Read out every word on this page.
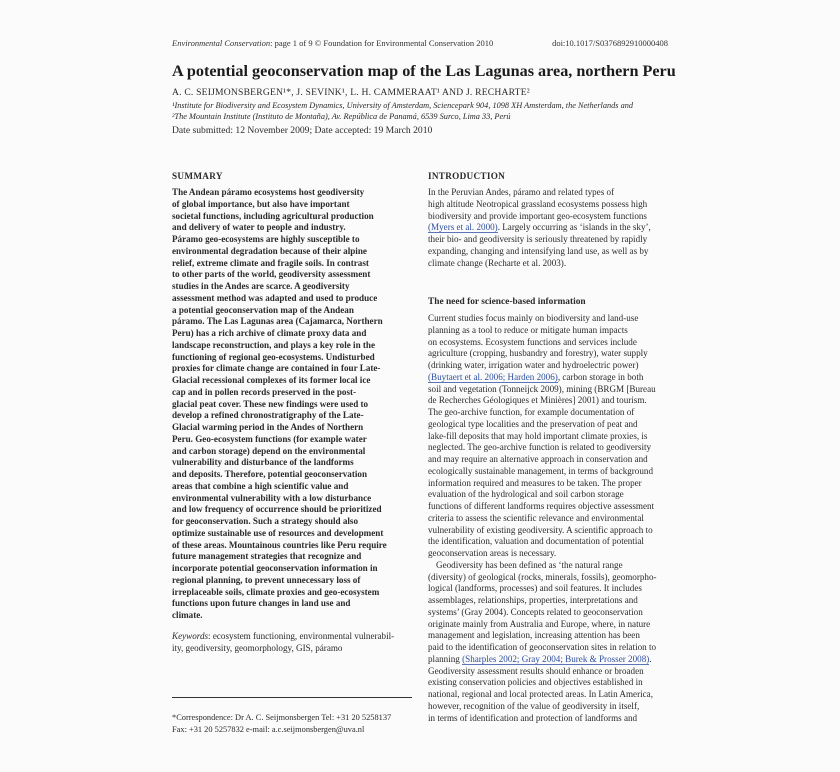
Environmental Conservation: page 1 of 9 © Foundation for Environmental Conservation 2010	doi:10.1017/S0376892910000408
A potential geoconservation map of the Las Lagunas area, northern Peru
A. C. SEIJMONSBERGEN¹*, J. SEVINK¹, L. H. CAMMERAAT¹ AND J. RECHARTE²
¹Institute for Biodiversity and Ecosystem Dynamics, University of Amsterdam, Sciencepark 904, 1098 XH Amsterdam, the Netherlands and
²The Mountain Institute (Instituto de Montaña), Av. República de Panamá, 6539 Surco, Lima 33, Perú
Date submitted: 12 November 2009; Date accepted: 19 March 2010
SUMMARY
The Andean páramo ecosystems host geodiversity
of global importance, but also have important
societal functions, including agricultural production
and delivery of water to people and industry.
Páramo geo-ecosystems are highly susceptible to
environmental degradation because of their alpine
relief, extreme climate and fragile soils. In contrast
to other parts of the world, geodiversity assessment
studies in the Andes are scarce. A geodiversity
assessment method was adapted and used to produce
a potential geoconservation map of the Andean
páramo. The Las Lagunas area (Cajamarca, Northern
Peru) has a rich archive of climate proxy data and
landscape reconstruction, and plays a key role in the
functioning of regional geo-ecosystems. Undisturbed
proxies for climate change are contained in four Late-
Glacial recessional complexes of its former local ice
cap and in pollen records preserved in the post-
glacial peat cover. These new findings were used to
develop a refined chronostratigraphy of the Late-
Glacial warming period in the Andes of Northern
Peru. Geo-ecosystem functions (for example water
and carbon storage) depend on the environmental
vulnerability and disturbance of the landforms
and deposits. Therefore, potential geoconservation
areas that combine a high scientific value and
environmental vulnerability with a low disturbance
and low frequency of occurrence should be prioritized
for geoconservation. Such a strategy should also
optimize sustainable use of resources and development
of these areas. Mountainous countries like Peru require
future management strategies that recognize and
incorporate potential geoconservation information in
regional planning, to prevent unnecessary loss of
irreplaceable soils, climate proxies and geo-ecosystem
functions upon future changes in land use and
climate.
Keywords: ecosystem functioning, environmental vulnerabil-
ity, geodiversity, geomorphology, GIS, páramo
*Correspondence: Dr A. C. Seijmonsbergen Tel: +31 20 5258137
Fax: +31 20 5257832 e-mail: a.c.seijmonsbergen@uva.nl
INTRODUCTION
In the Peruvian Andes, páramo and related types of
high altitude Neotropical grassland ecosystems possess high
biodiversity and provide important geo-ecosystem functions
(Myers et al. 2000). Largely occurring as ‘islands in the sky’,
their bio- and geodiversity is seriously threatened by rapidly
expanding, changing and intensifying land use, as well as by
climate change (Recharte et al. 2003).
The need for science-based information
Current studies focus mainly on biodiversity and land-use
planning as a tool to reduce or mitigate human impacts
on ecosystems. Ecosystem functions and services include
agriculture (cropping, husbandry and forestry), water supply
(drinking water, irrigation water and hydroelectric power)
(Buytaert et al. 2006; Harden 2006), carbon storage in both
soil and vegetation (Tonneijck 2009), mining (BRGM [Bureau
de Recherches Géologiques et Minières] 2001) and tourism.
The geo-archive function, for example documentation of
geological type localities and the preservation of peat and
lake-fill deposits that may hold important climate proxies, is
neglected. The geo-archive function is related to geodiversity
and may require an alternative approach in conservation and
ecologically sustainable management, in terms of background
information required and measures to be taken. The proper
evaluation of the hydrological and soil carbon storage
functions of different landforms requires objective assessment
criteria to assess the scientific relevance and environmental
vulnerability of existing geodiversity. A scientific approach to
the identification, valuation and documentation of potential
geoconservation areas is necessary.
Geodiversity has been defined as ‘the natural range
(diversity) of geological (rocks, minerals, fossils), geomorpho-
logical (landforms, processes) and soil features. It includes
assemblages, relationships, properties, interpretations and
systems’ (Gray 2004). Concepts related to geoconservation
originate mainly from Australia and Europe, where, in nature
management and legislation, increasing attention has been
paid to the identification of geoconservation sites in relation to
planning (Sharples 2002; Gray 2004; Burek & Prosser 2008).
Geodiversity assessment results should enhance or broaden
existing conservation policies and objectives established in
national, regional and local protected areas. In Latin America,
however, recognition of the value of geodiversity in itself,
in terms of identification and protection of landforms and
